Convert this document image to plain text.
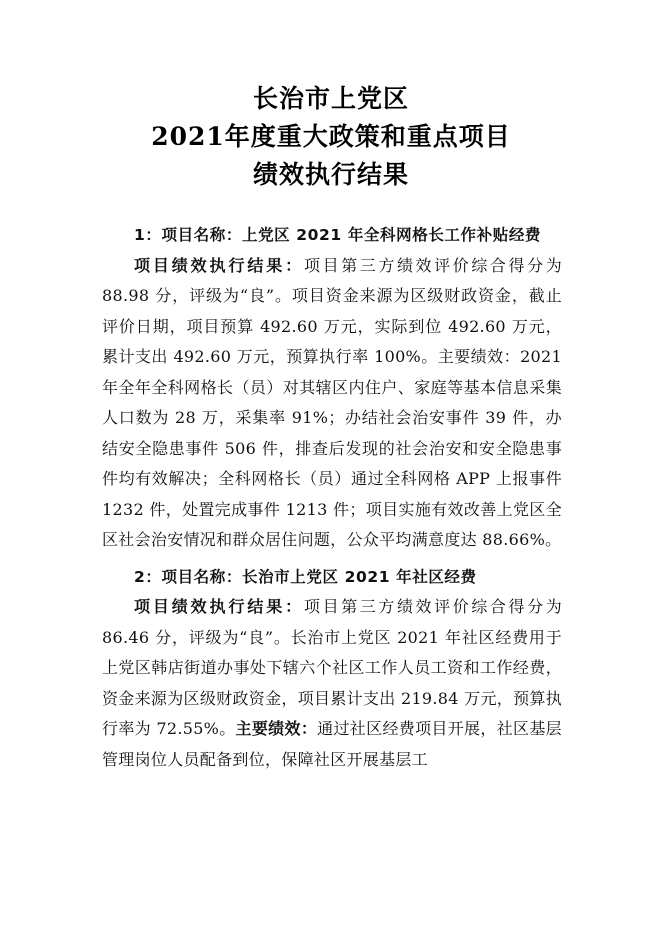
长治市上党区
2021年度重大政策和重点项目
绩效执行结果

1：项目名称：上党区 2021 年全科网格长工作补贴经费

项目绩效执行结果：项目第三方绩效评价综合得分为 88.98 分，评级为“良”。项目资金来源为区级财政资金，截止评价日期，项目预算 492.60 万元，实际到位 492.60 万元，累计支出 492.60 万元，预算执行率 100%。主要绩效：2021 年全年全科网格长（员）对其辖区内住户、家庭等基本信息采集人口数为 28 万，采集率 91%；办结社会治安事件 39 件，办结安全隐患事件 506 件，排查后发现的社会治安和安全隐患事件均有效解决；全科网格长（员）通过全科网格 APP 上报事件 1232 件，处置完成事件 1213 件；项目实施有效改善上党区全区社会治安情况和群众居住问题，公众平均满意度达 88.66%。

2：项目名称：长治市上党区 2021 年社区经费

项目绩效执行结果：项目第三方绩效评价综合得分为 86.46 分，评级为“良”。长治市上党区 2021 年社区经费用于上党区韩店街道办事处下辖六个社区工作人员工资和工作经费，资金来源为区级财政资金，项目累计支出 219.84 万元，预算执行率为 72.55%。主要绩效：通过社区经费项目开展，社区基层管理岗位人员配备到位，保障社区开展基层工
